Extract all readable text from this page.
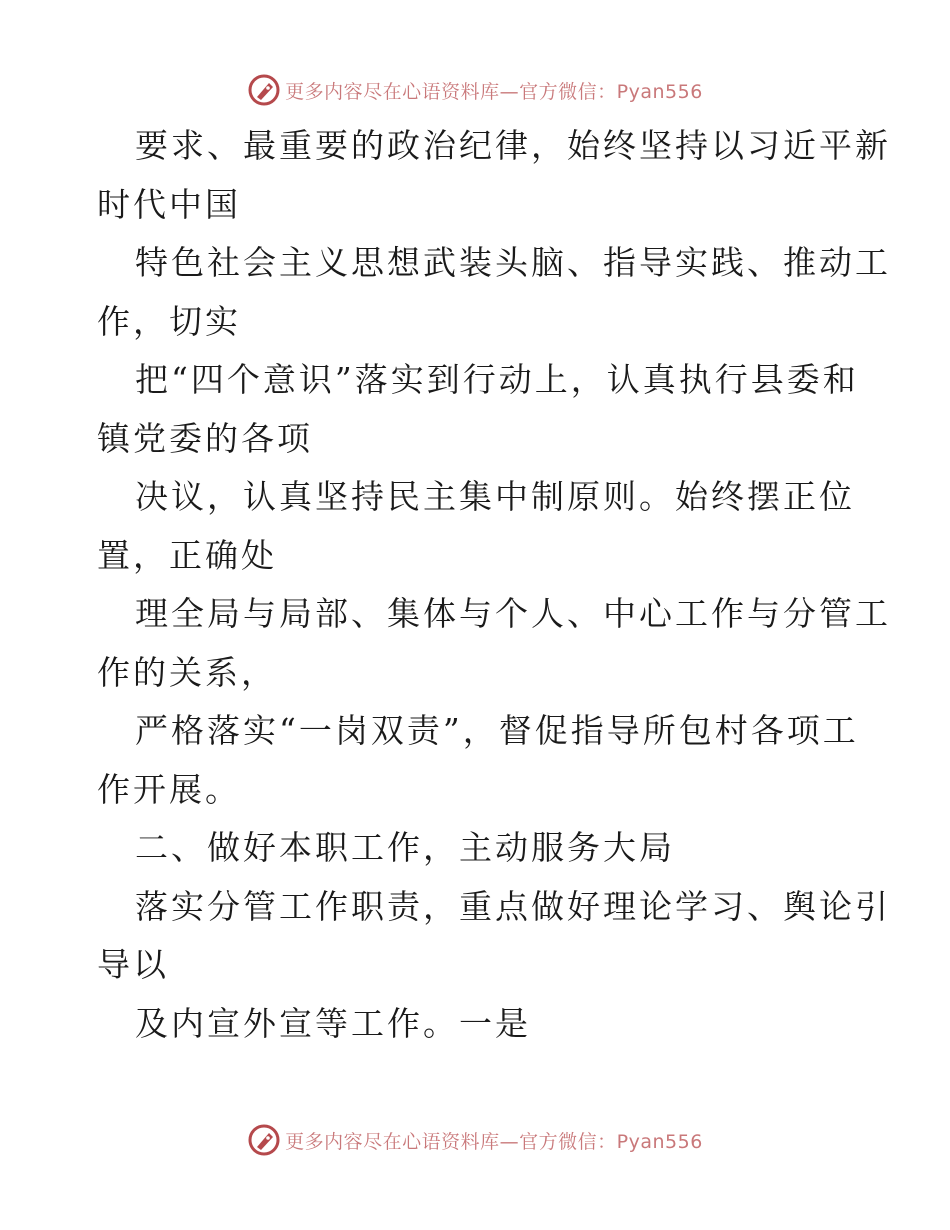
更多内容尽在心语资料库—官方微信：Pyan556
要求、最重要的政治纪律，始终坚持以习近平新
时代中国
特色社会主义思想武装头脑、指导实践、推动工
作，切实
把“四个意识”落实到行动上，认真执行县委和
镇党委的各项
决议，认真坚持民主集中制原则。始终摆正位
置，正确处
理全局与局部、集体与个人、中心工作与分管工
作的关系，
严格落实“一岗双责”，督促指导所包村各项工
作开展。
二、做好本职工作，主动服务大局
落实分管工作职责，重点做好理论学习、舆论引
导以
及内宣外宣等工作。一是
更多内容尽在心语资料库—官方微信：Pyan556
